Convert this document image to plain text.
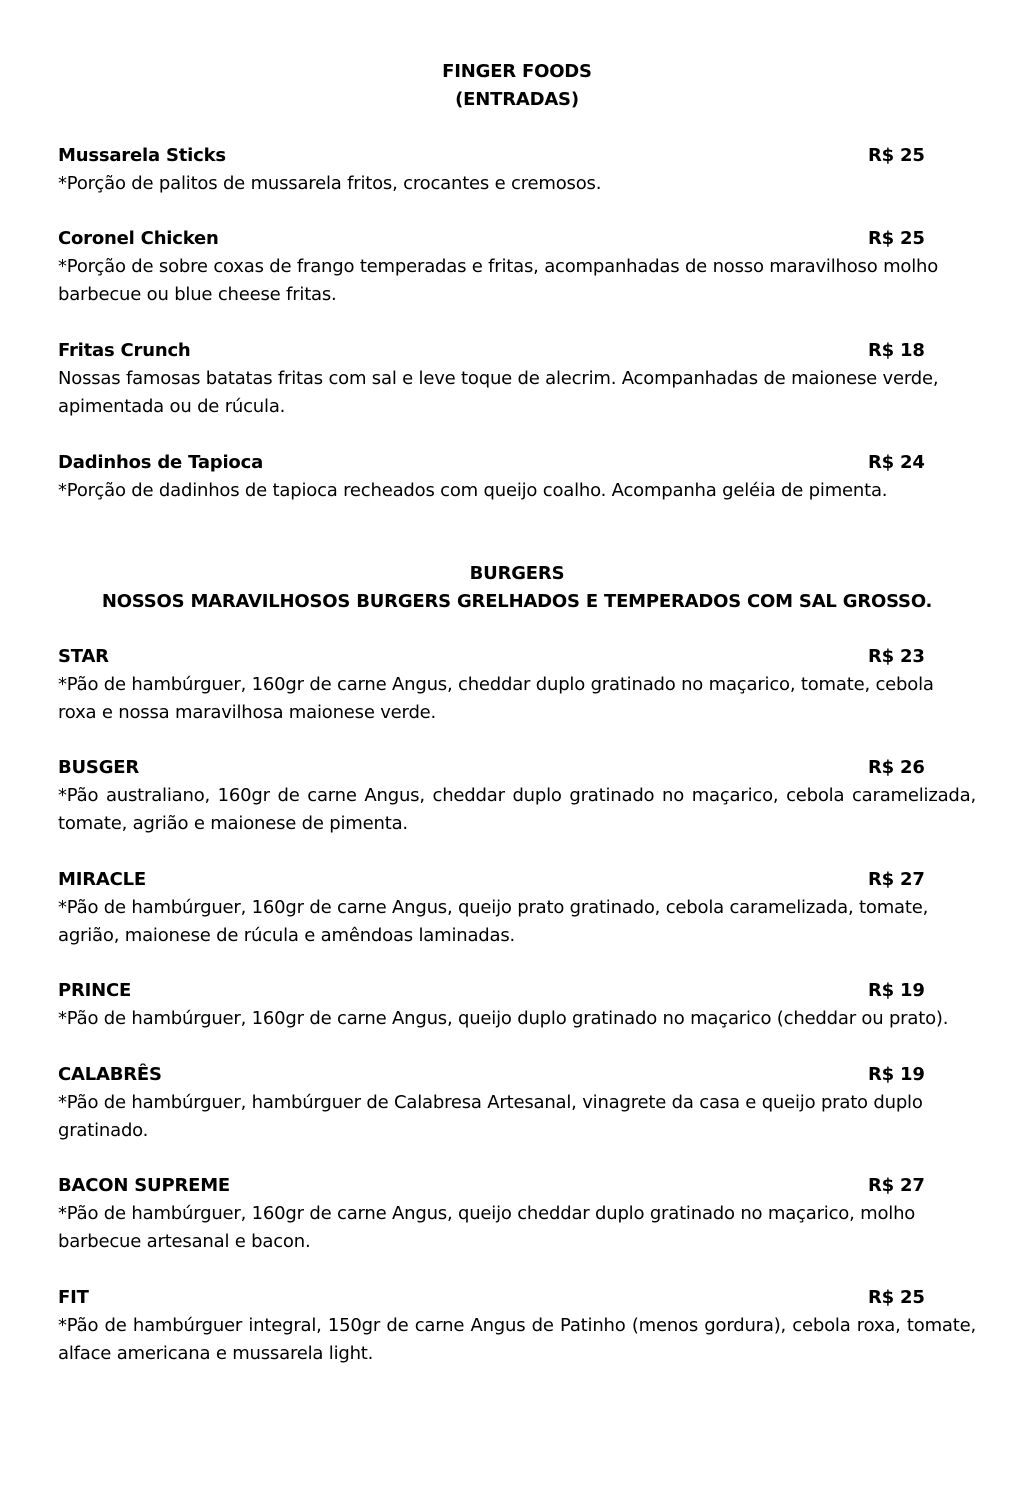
FINGER FOODS
(ENTRADAS)
Mussarela Sticks	R$ 25
*Porção de palitos de mussarela fritos, crocantes e cremosos.
Coronel Chicken	R$ 25
*Porção de sobre coxas de frango temperadas e fritas, acompanhadas de nosso maravilhoso molho barbecue ou blue cheese fritas.
Fritas Crunch	R$ 18
Nossas famosas batatas fritas com sal e leve toque de alecrim. Acompanhadas de maionese verde, apimentada ou de rúcula.
Dadinhos de Tapioca	R$ 24
*Porção de dadinhos de tapioca recheados com queijo coalho. Acompanha geléia de pimenta.
BURGERS
NOSSOS MARAVILHOSOS BURGERS GRELHADOS E TEMPERADOS COM SAL GROSSO.
STAR	R$ 23
*Pão de hambúrguer, 160gr de carne Angus, cheddar duplo gratinado no maçarico, tomate, cebola roxa e nossa maravilhosa maionese verde.
BUSGER	R$ 26
*Pão australiano, 160gr de carne Angus, cheddar duplo gratinado no maçarico, cebola caramelizada, tomate, agrião e maionese de pimenta.
MIRACLE	R$ 27
*Pão de hambúrguer, 160gr de carne Angus, queijo prato gratinado, cebola caramelizada, tomate, agrião, maionese de rúcula e amêndoas laminadas.
PRINCE	R$ 19
*Pão de hambúrguer, 160gr de carne Angus, queijo duplo gratinado no maçarico (cheddar ou prato).
CALABRÊS	R$ 19
*Pão de hambúrguer, hambúrguer de Calabresa Artesanal, vinagrete da casa e queijo prato duplo gratinado.
BACON SUPREME	R$ 27
*Pão de hambúrguer, 160gr de carne Angus, queijo cheddar duplo gratinado no maçarico, molho barbecue artesanal e bacon.
FIT	R$ 25
*Pão de hambúrguer integral, 150gr de carne Angus de Patinho (menos gordura), cebola roxa, tomate, alface americana e mussarela light.
